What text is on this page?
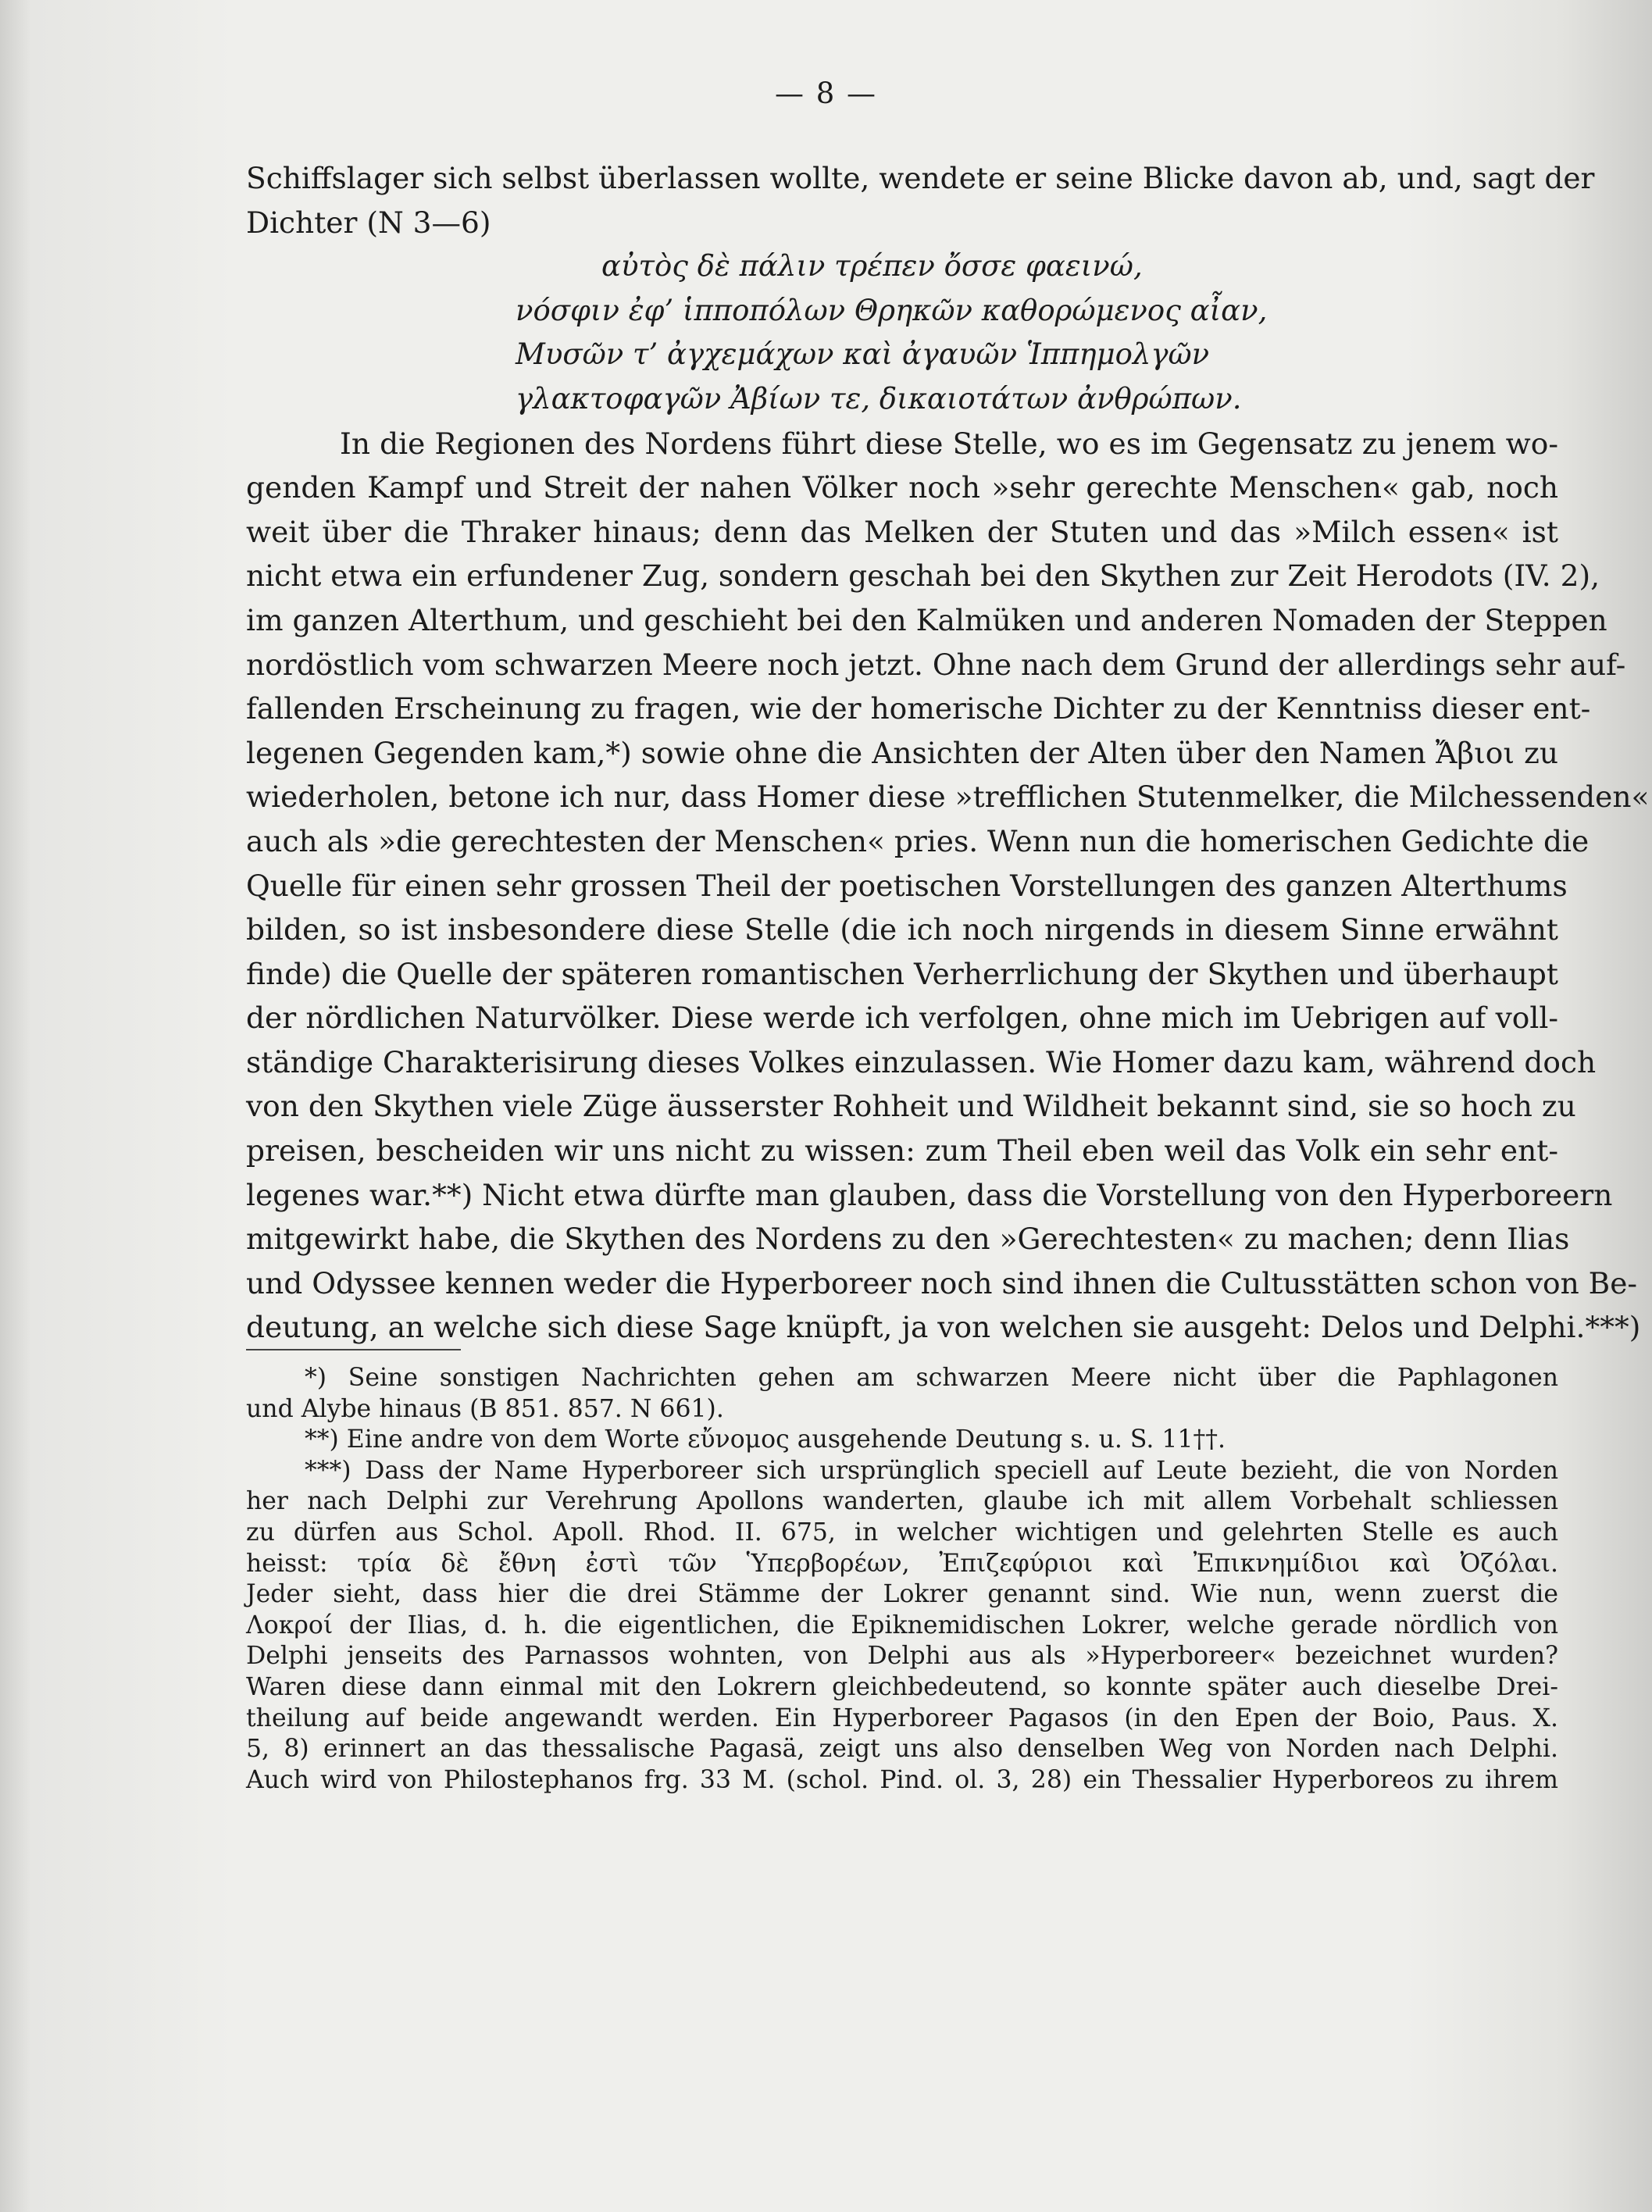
— 8 —
Schiffslager sich selbst überlassen wollte, wendete er seine Blicke davon ab, und, sagt der
Dichter (N 3—6)
αὐτὸς δὲ πάλιν τρέπεν ὄσσε φαεινώ,
νόσφιν ἐφ’ ἱπποπόλων Θρηκῶν καθορώμενος αἶαν,
Μυσῶν τ’ ἀγχεμάχων καὶ ἀγαυῶν Ἱππημολγῶν
γλακτοφαγῶν Ἀβίων τε, δικαιοτάτων ἀνθρώπων.
In die Regionen des Nordens führt diese Stelle, wo es im Gegensatz zu jenem wo-
genden Kampf und Streit der nahen Völker noch »sehr gerechte Menschen« gab, noch
weit über die Thraker hinaus; denn das Melken der Stuten und das »Milch essen« ist
nicht etwa ein erfundener Zug, sondern geschah bei den Skythen zur Zeit Herodots (IV. 2),
im ganzen Alterthum, und geschieht bei den Kalmüken und anderen Nomaden der Steppen
nordöstlich vom schwarzen Meere noch jetzt. Ohne nach dem Grund der allerdings sehr auf-
fallenden Erscheinung zu fragen, wie der homerische Dichter zu der Kenntniss dieser ent-
legenen Gegenden kam,*) sowie ohne die Ansichten der Alten über den Namen Ἄβιοι zu
wiederholen, betone ich nur, dass Homer diese »trefflichen Stutenmelker, die Milchessenden«
auch als »die gerechtesten der Menschen« pries. Wenn nun die homerischen Gedichte die
Quelle für einen sehr grossen Theil der poetischen Vorstellungen des ganzen Alterthums
bilden, so ist insbesondere diese Stelle (die ich noch nirgends in diesem Sinne erwähnt
finde) die Quelle der späteren romantischen Verherrlichung der Skythen und überhaupt
der nördlichen Naturvölker. Diese werde ich verfolgen, ohne mich im Uebrigen auf voll-
ständige Charakterisirung dieses Volkes einzulassen. Wie Homer dazu kam, während doch
von den Skythen viele Züge äusserster Rohheit und Wildheit bekannt sind, sie so hoch zu
preisen, bescheiden wir uns nicht zu wissen: zum Theil eben weil das Volk ein sehr ent-
legenes war.**) Nicht etwa dürfte man glauben, dass die Vorstellung von den Hyperboreern
mitgewirkt habe, die Skythen des Nordens zu den »Gerechtesten« zu machen; denn Ilias
und Odyssee kennen weder die Hyperboreer noch sind ihnen die Cultusstätten schon von Be-
deutung, an welche sich diese Sage knüpft, ja von welchen sie ausgeht: Delos und Delphi.***)
*) Seine sonstigen Nachrichten gehen am schwarzen Meere nicht über die Paphlagonen
und Alybe hinaus (B 851. 857. N 661).
**) Eine andre von dem Worte εὔνομος ausgehende Deutung s. u. S. 11††.
***) Dass der Name Hyperboreer sich ursprünglich speciell auf Leute bezieht, die von Norden
her nach Delphi zur Verehrung Apollons wanderten, glaube ich mit allem Vorbehalt schliessen
zu dürfen aus Schol. Apoll. Rhod. II. 675, in welcher wichtigen und gelehrten Stelle es auch
heisst: τρία δὲ ἔθνη ἐστὶ τῶν Ὑπερβορέων, Ἐπιζεφύριοι καὶ Ἐπικνημίδιοι καὶ Ὀζόλαι.
Jeder sieht, dass hier die drei Stämme der Lokrer genannt sind. Wie nun, wenn zuerst die
Λοκροί der Ilias, d. h. die eigentlichen, die Epiknemidischen Lokrer, welche gerade nördlich von
Delphi jenseits des Parnassos wohnten, von Delphi aus als »Hyperboreer« bezeichnet wurden?
Waren diese dann einmal mit den Lokrern gleichbedeutend, so konnte später auch dieselbe Drei-
theilung auf beide angewandt werden. Ein Hyperboreer Pagasos (in den Epen der Boio, Paus. X.
5, 8) erinnert an das thessalische Pagasä, zeigt uns also denselben Weg von Norden nach Delphi.
Auch wird von Philostephanos frg. 33 M. (schol. Pind. ol. 3, 28) ein Thessalier Hyperboreos zu ihrem
